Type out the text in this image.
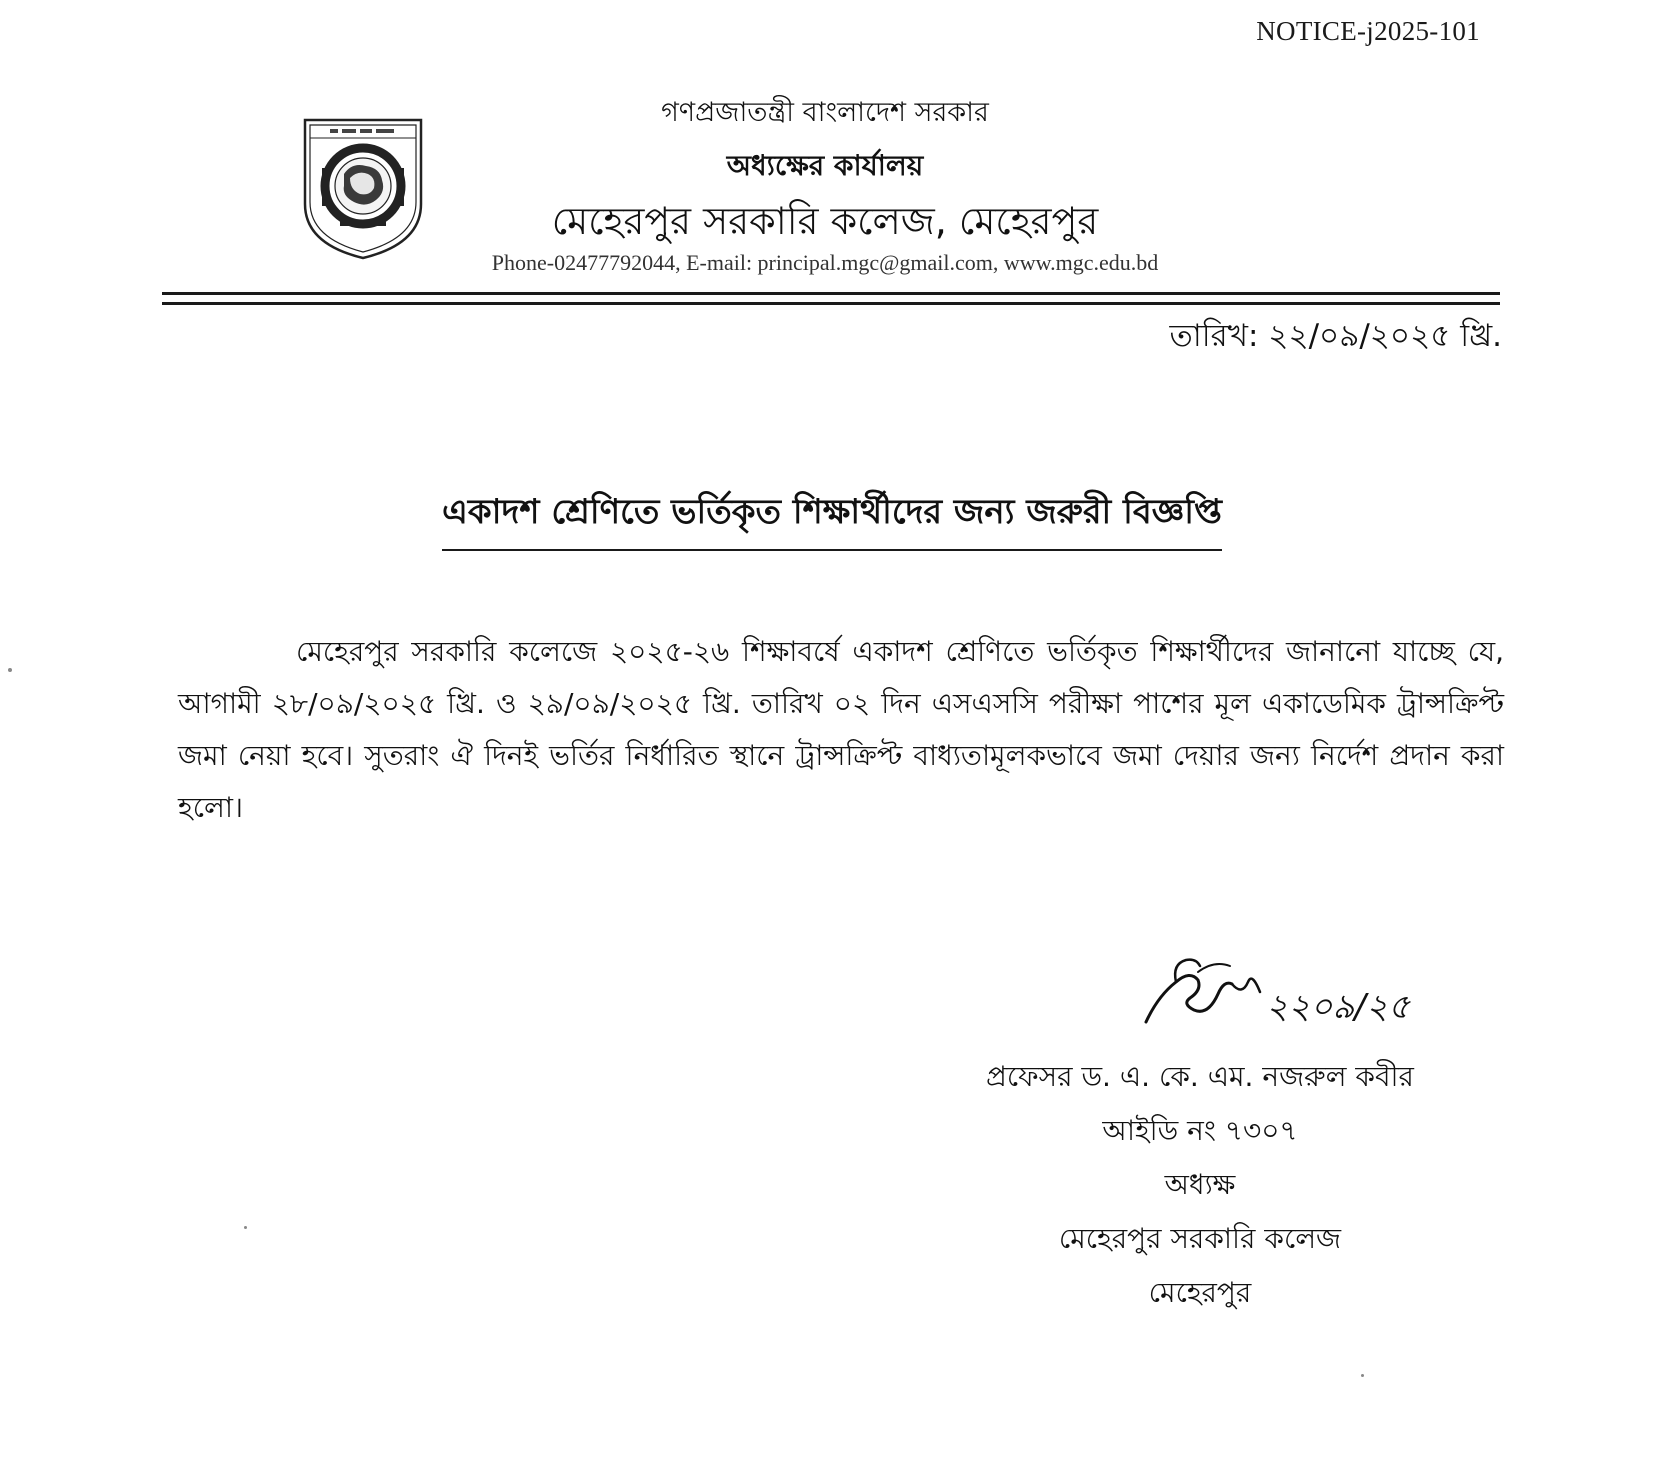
NOTICE-j2025-101
গণপ্রজাতন্ত্রী বাংলাদেশ সরকার
অধ্যক্ষের কার্যালয়
মেহেরপুর সরকারি কলেজ, মেহেরপুর
Phone-02477792044, E-mail: principal.mgc@gmail.com, www.mgc.edu.bd
তারিখ: ২২/০৯/২০২৫ খ্রি.
একাদশ শ্রেণিতে ভর্তিকৃত শিক্ষার্থীদের জন্য জরুরী বিজ্ঞপ্তি
মেহেরপুর সরকারি কলেজে ২০২৫-২৬ শিক্ষাবর্ষে একাদশ শ্রেণিতে ভর্তিকৃত শিক্ষার্থীদের জানানো যাচ্ছে যে, আগামী ২৮/০৯/২০২৫ খ্রি. ও ২৯/০৯/২০২৫ খ্রি. তারিখ ০২ দিন এসএসসি পরীক্ষা পাশের মূল একাডেমিক ট্রান্সক্রিপ্ট জমা নেয়া হবে। সুতরাং ঐ দিনই ভর্তির নির্ধারিত স্থানে ট্রান্সক্রিপ্ট বাধ্যতামূলকভাবে জমা দেয়ার জন্য নির্দেশ প্রদান করা হলো।
২২০৯/২৫
প্রফেসর ড. এ. কে. এম. নজরুল কবীর
আইডি নং ৭৩০৭
অধ্যক্ষ
মেহেরপুর সরকারি কলেজ
মেহেরপুর
